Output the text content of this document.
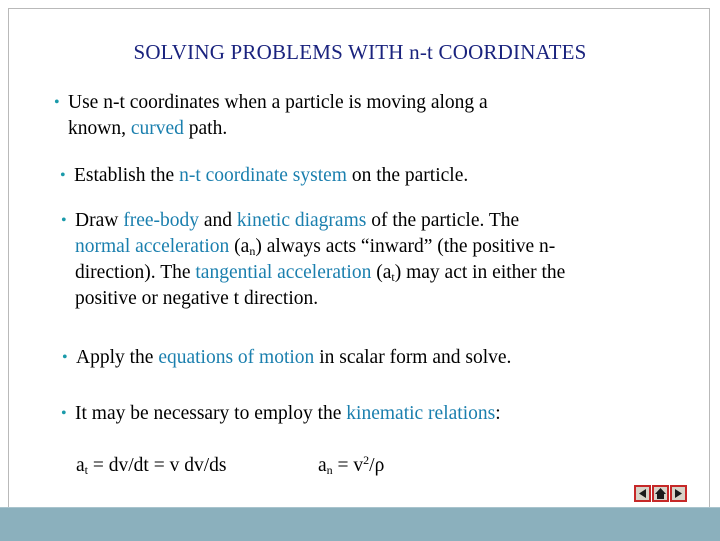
SOLVING PROBLEMS WITH n-t COORDINATES
• Use n-t coordinates when a particle is moving along a
known, curved path.
• Establish the n-t coordinate system on the particle.
• Draw free-body and kinetic diagrams of the particle. The
normal acceleration $(a_n)$ always acts “inward” (the positive n-
direction). The tangential acceleration $(a_t)$ may act in either the
positive or negative t direction.
• Apply the equations of motion in scalar form and solve.
• It may be necessary to employ the kinematic relations:
$a_t = dv/dt = v$ dv/ds	$a_n = v^2/\rho$
